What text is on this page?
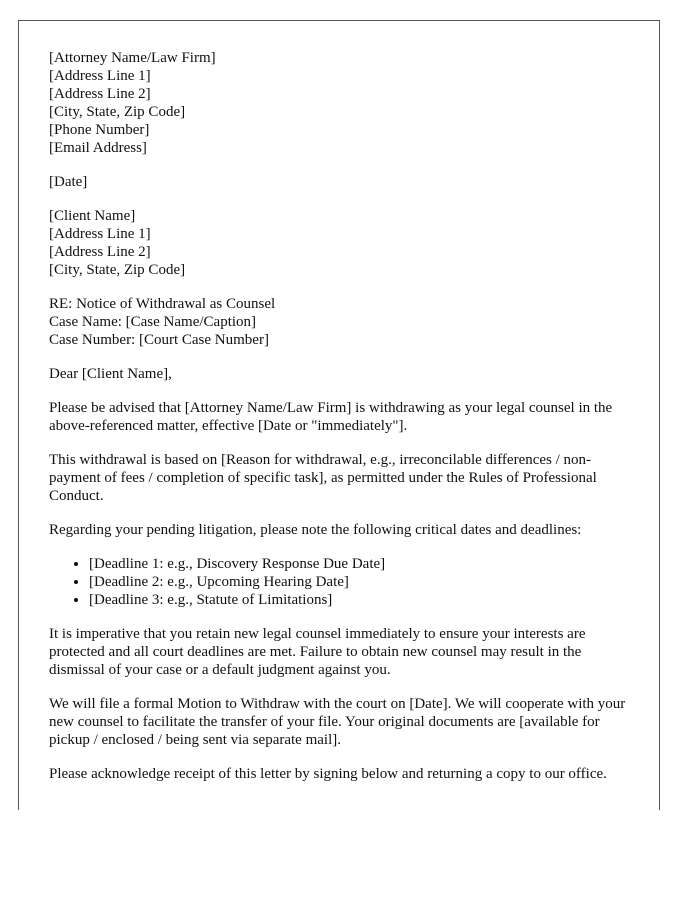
[Attorney Name/Law Firm]
[Address Line 1]
[Address Line 2]
[City, State, Zip Code]
[Phone Number]
[Email Address]
[Date]
[Client Name]
[Address Line 1]
[Address Line 2]
[City, State, Zip Code]
RE: Notice of Withdrawal as Counsel
Case Name: [Case Name/Caption]
Case Number: [Court Case Number]

Dear [Client Name],

Please be advised that [Attorney Name/Law Firm] is withdrawing as your legal counsel in the above-referenced matter, effective [Date or "immediately"].

This withdrawal is based on [Reason for withdrawal, e.g., irreconcilable differences / non-payment of fees / completion of specific task], as permitted under the Rules of Professional Conduct.

Regarding your pending litigation, please note the following critical dates and deadlines:

• [Deadline 1: e.g., Discovery Response Due Date]
• [Deadline 2: e.g., Upcoming Hearing Date]
• [Deadline 3: e.g., Statute of Limitations]

It is imperative that you retain new legal counsel immediately to ensure your interests are protected and all court deadlines are met. Failure to obtain new counsel may result in the dismissal of your case or a default judgment against you.

We will file a formal Motion to Withdraw with the court on [Date]. We will cooperate with your new counsel to facilitate the transfer of your file. Your original documents are [available for pickup / enclosed / being sent via separate mail].

Please acknowledge receipt of this letter by signing below and returning a copy to our office.
